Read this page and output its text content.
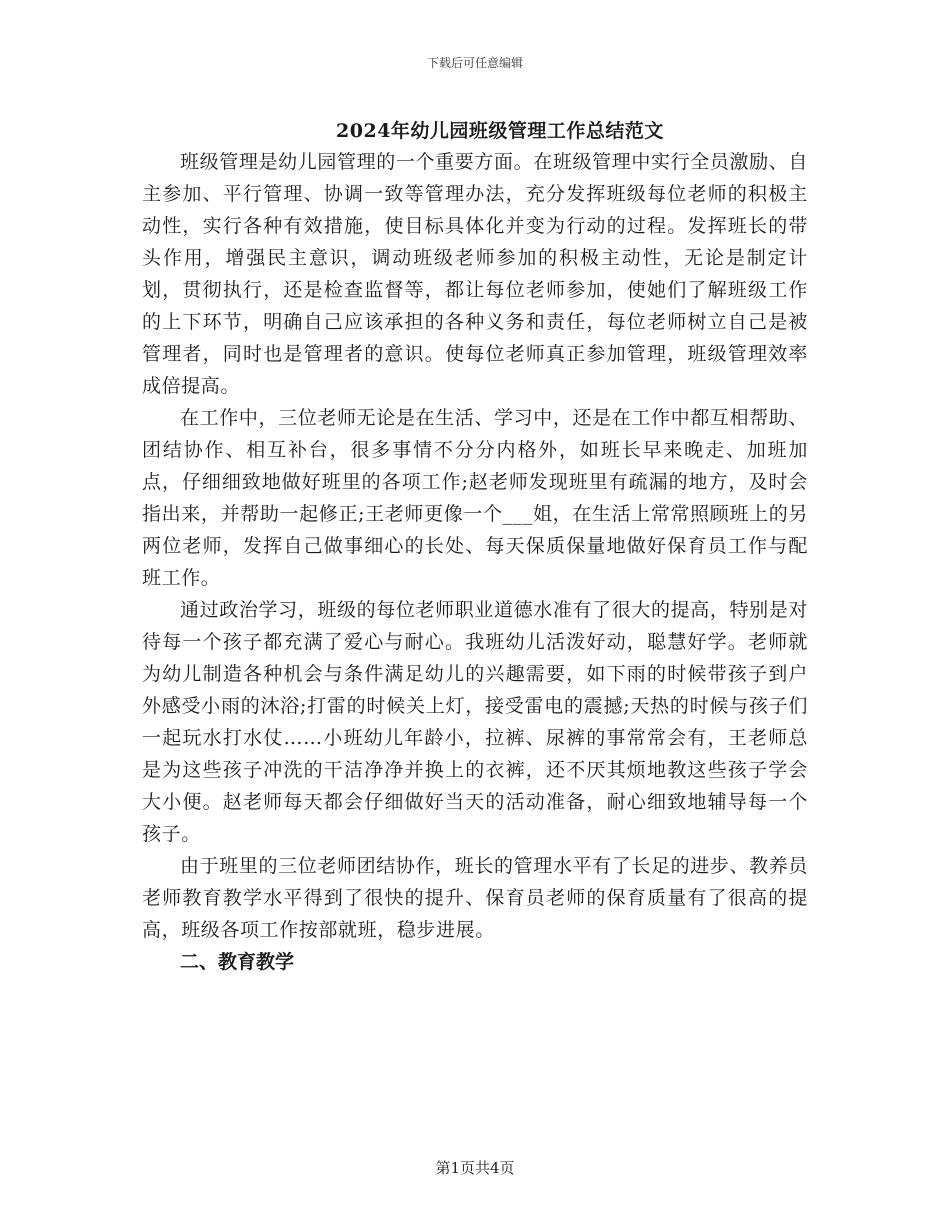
下载后可任意编辑
2024年幼儿园班级管理工作总结范文

班级管理是幼儿园管理的一个重要方面。在班级管理中实行全员激励、自主参加、平行管理、协调一致等管理办法，充分发挥班级每位老师的积极主动性，实行各种有效措施，使目标具体化并变为行动的过程。发挥班长的带头作用，增强民主意识，调动班级老师参加的积极主动性，无论是制定计划，贯彻执行，还是检查监督等，都让每位老师参加，使她们了解班级工作的上下环节，明确自己应该承担的各种义务和责任，每位老师树立自己是被管理者，同时也是管理者的意识。使每位老师真正参加管理，班级管理效率成倍提高。

在工作中，三位老师无论是在生活、学习中，还是在工作中都互相帮助、团结协作、相互补台，很多事情不分分内格外，如班长早来晚走、加班加点，仔细细致地做好班里的各项工作;赵老师发现班里有疏漏的地方，及时会指出来，并帮助一起修正;王老师更像一个___姐，在生活上常常照顾班上的另两位老师，发挥自己做事细心的长处、每天保质保量地做好保育员工作与配班工作。

通过政治学习，班级的每位老师职业道德水准有了很大的提高，特别是对待每一个孩子都充满了爱心与耐心。我班幼儿活泼好动，聪慧好学。老师就为幼儿制造各种机会与条件满足幼儿的兴趣需要，如下雨的时候带孩子到户外感受小雨的沐浴;打雷的时候关上灯，接受雷电的震撼;天热的时候与孩子们一起玩水打水仗……小班幼儿年龄小，拉裤、尿裤的事常常会有，王老师总是为这些孩子冲洗的干洁净净并换上的衣裤，还不厌其烦地教这些孩子学会大小便。赵老师每天都会仔细做好当天的活动准备，耐心细致地辅导每一个孩子。

由于班里的三位老师团结协作，班长的管理水平有了长足的进步、教养员老师教育教学水平得到了很快的提升、保育员老师的保育质量有了很高的提高，班级各项工作按部就班，稳步进展。

二、教育教学

第1页共4页
